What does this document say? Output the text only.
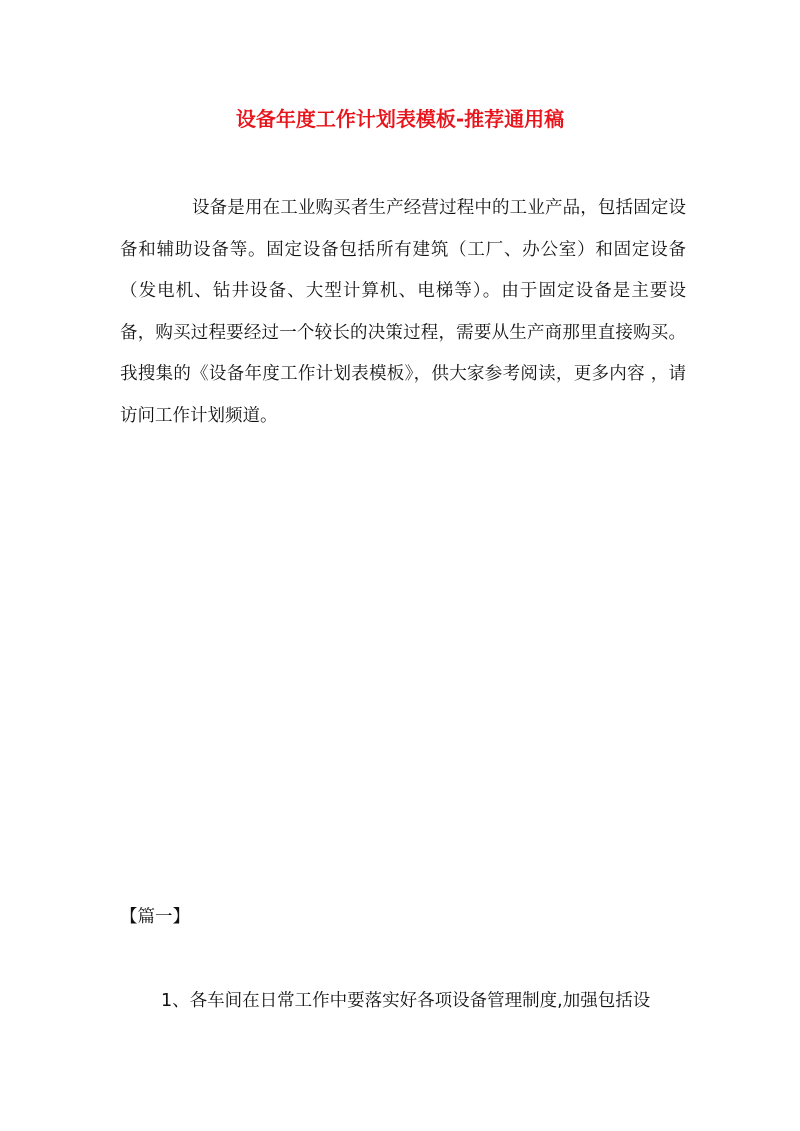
设备年度工作计划表模板-推荐通用稿

设备是用在工业购买者生产经营过程中的工业产品，包括固定设备和辅助设备等。固定设备包括所有建筑（工厂、办公室）和固定设备（发电机、钻井设备、大型计算机、电梯等）。由于固定设备是主要设备，购买过程要经过一个较长的决策过程，需要从生产商那里直接购买。我搜集的《设备年度工作计划表模板》，供大家参考阅读，更多内容 ，请访问工作计划频道。

【篇一】

1、各车间在日常工作中要落实好各项设备管理制度,加强包括设
